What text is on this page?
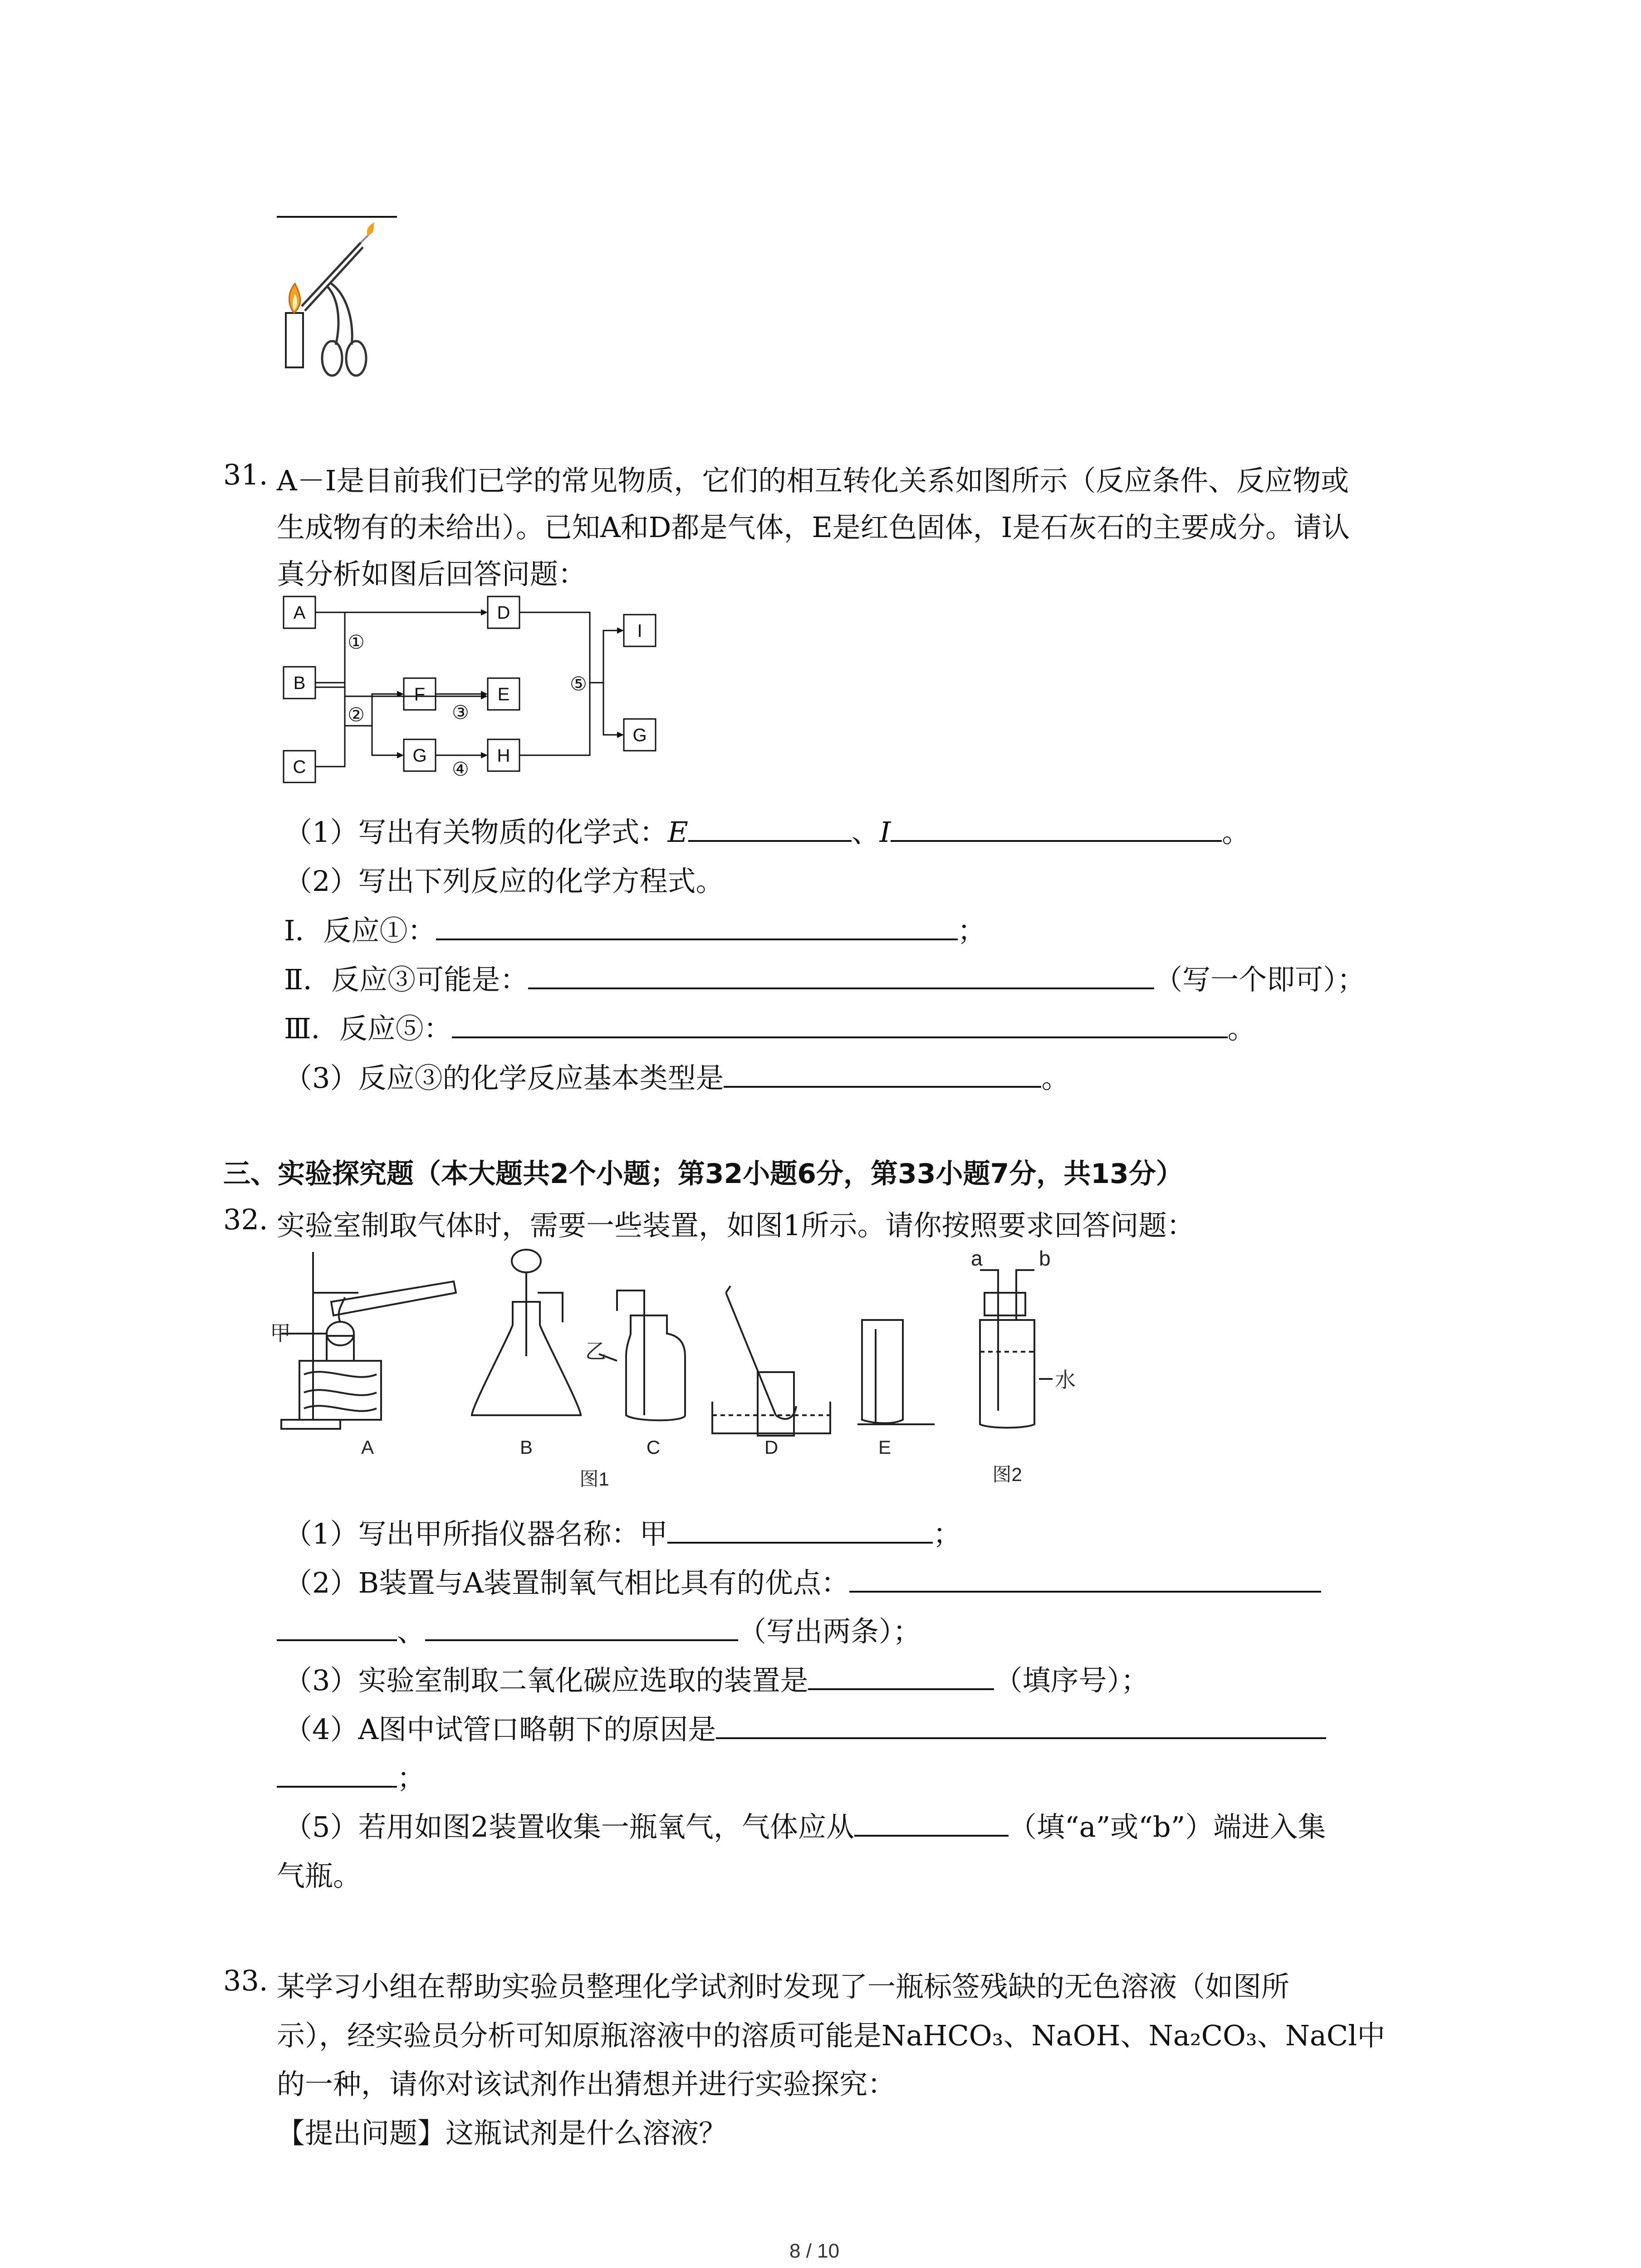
31. A－I是目前我们已学的常见物质，它们的相互转化关系如图所示（反应条件、反应物或
生成物有的未给出）。已知A和D都是气体，E是红色固体，I是石灰石的主要成分。请认
真分析如图后回答问题：
A
B
C
D
E
F
G	H
I
G
①
②	③
④
⑤
（1）写出有关物质的化学式：E	、I	。
（2）写出下列反应的化学方程式。
Ⅰ．反应①：	；
Ⅱ．反应③可能是：	（写一个即可）；
Ⅲ．反应⑤：	。
（3）反应③的化学反应基本类型是	。
三、实验探究题（本大题共2个小题；第32小题6分，第33小题7分，共13分）
32. 实验室制取气体时，需要一些装置，如图1所示。请你按照要求回答问题：
甲
乙
水
a	b
A	B	C	D	E
图1	图2
（1）写出甲所指仪器名称：甲	；
（2）B装置与A装置制氧气相比具有的优点：
、	（写出两条）；
（3）实验室制取二氧化碳应选取的装置是	（填序号）；
（4）A图中试管口略朝下的原因是
；
（5）若用如图2装置收集一瓶氧气，气体应从	（填“a”或“b”）端进入集
气瓶。
33. 某学习小组在帮助实验员整理化学试剂时发现了一瓶标签残缺的无色溶液（如图所
示），经实验员分析可知原瓶溶液中的溶质可能是NaHCO₃、NaOH、Na₂CO₃、NaCl中
的一种，请你对该试剂作出猜想并进行实验探究：
【提出问题】这瓶试剂是什么溶液？
8 / 10
